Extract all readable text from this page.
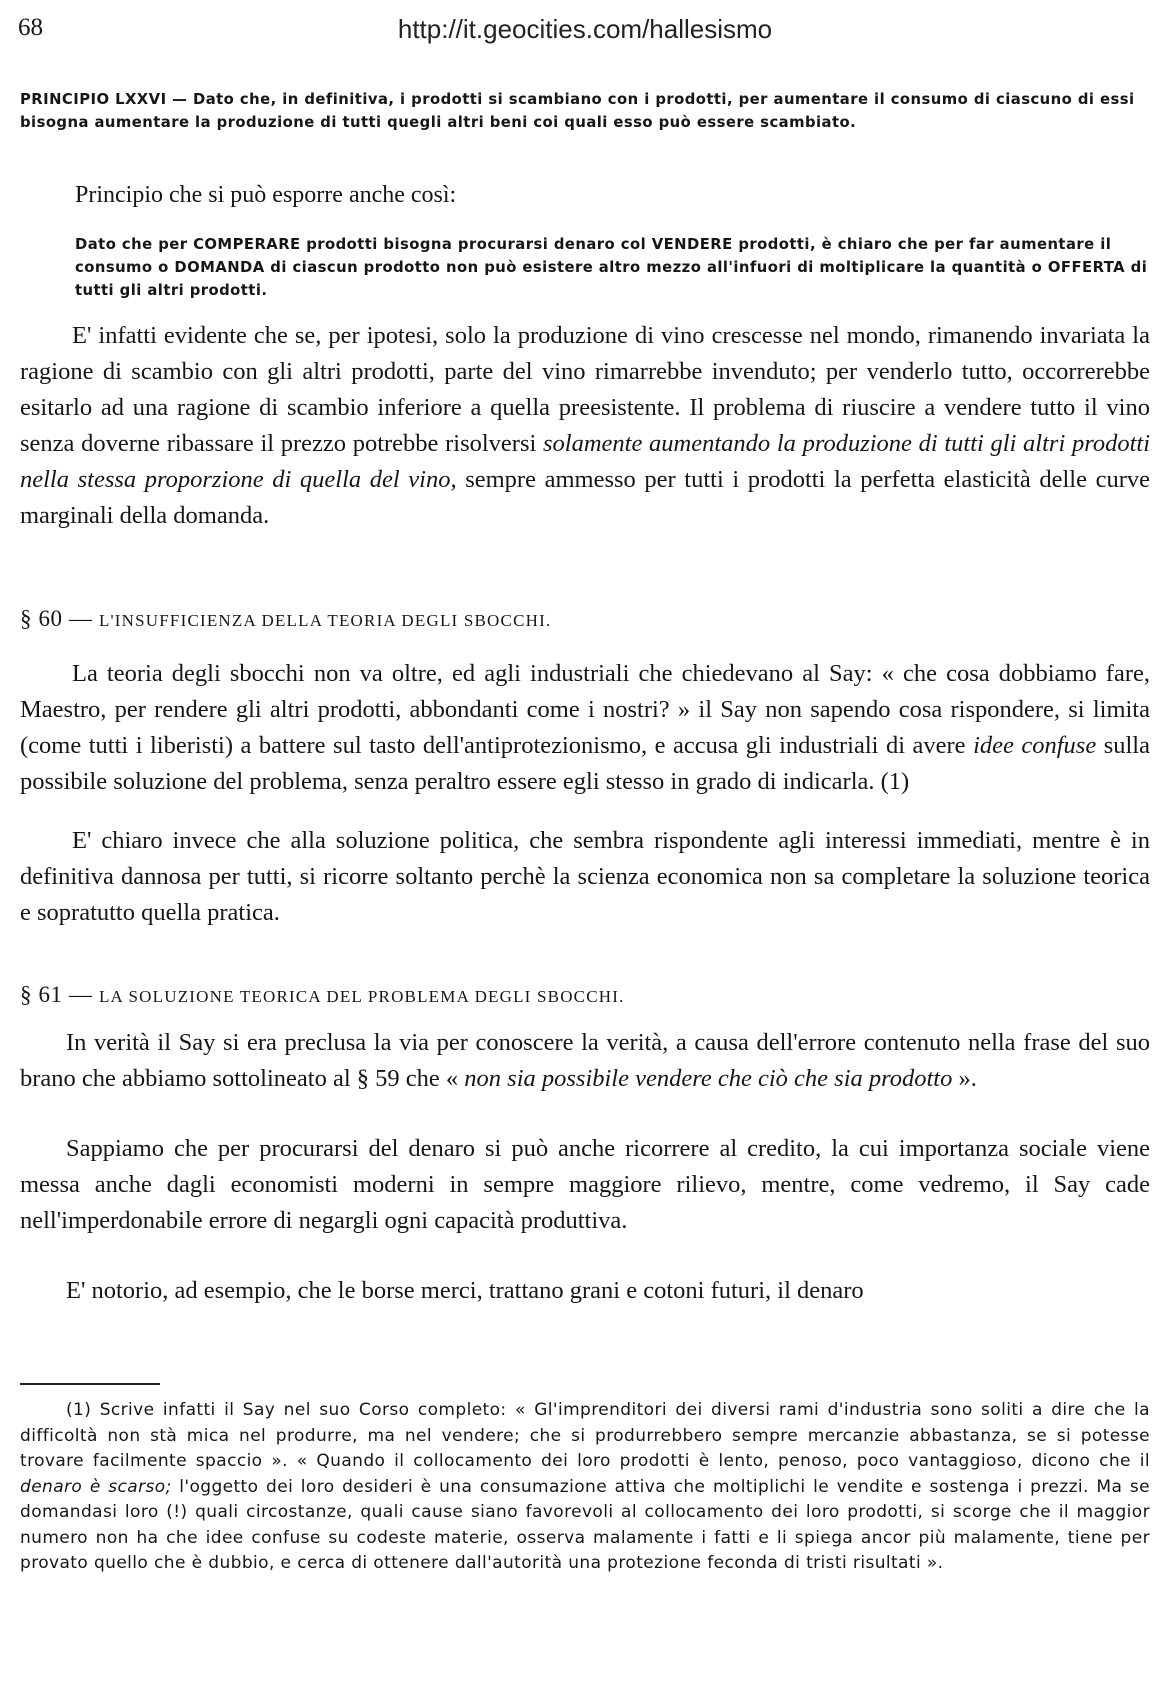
68	http://it.geocities.com/hallesismo

PRINCIPIO LXXVI — Dato che, in definitiva, i prodotti si scambiano con i prodotti, per aumentare il consumo di ciascuno di essi bisogna aumentare la produzione di tutti quegli altri beni coi quali esso può essere scambiato.

Principio che si può esporre anche così:

Dato che per COMPERARE prodotti bisogna procurarsi denaro col VENDERE prodotti, è chiaro che per far aumentare il consumo o DOMANDA di ciascun prodotto non può esistere altro mezzo all'infuori di moltiplicare la quantità o OFFERTA di tutti gli altri prodotti.

E' infatti evidente che se, per ipotesi, solo la produzione di vino crescesse nel mondo, rimanendo invariata la ragione di scambio con gli altri prodotti, parte del vino rimarrebbe invenduto; per venderlo tutto, occorrerebbe esitarlo ad una ragione di scambio inferiore a quella preesistente. Il problema di riuscire a vendere tutto il vino senza doverne ribassare il prezzo potrebbe risolversi solamente aumentando la produzione di tutti gli altri prodotti nella stessa proporzione di quella del vino, sempre ammesso per tutti i prodotti la perfetta elasticità delle curve marginali della domanda.

§ 60 — L'INSUFFICIENZA DELLA TEORIA DEGLI SBOCCHI.

La teoria degli sbocchi non va oltre, ed agli industriali che chiedevano al Say: « che cosa dobbiamo fare, Maestro, per rendere gli altri prodotti, abbondanti come i nostri? » il Say non sapendo cosa rispondere, si limita (come tutti i liberisti) a battere sul tasto dell'antiprotezionismo, e accusa gli industriali di avere idee confuse sulla possibile soluzione del problema, senza peraltro essere egli stesso in grado di indicarla. (1)

E' chiaro invece che alla soluzione politica, che sembra rispondente agli interessi immediati, mentre è in definitiva dannosa per tutti, si ricorre soltanto perchè la scienza economica non sa completare la soluzione teorica e sopratutto quella pratica.

§ 61 — LA SOLUZIONE TEORICA DEL PROBLEMA DEGLI SBOCCHI.

In verità il Say si era preclusa la via per conoscere la verità, a causa dell'errore contenuto nella frase del suo brano che abbiamo sottolineato al § 59 che « non sia possibile vendere che ciò che sia prodotto ».

Sappiamo che per procurarsi del denaro si può anche ricorrere al credito, la cui importanza sociale viene messa anche dagli economisti moderni in sempre maggiore rilievo, mentre, come vedremo, il Say cade nell'imperdonabile errore di negargli ogni capacità produttiva.

E' notorio, ad esempio, che le borse merci, trattano grani e cotoni futuri, il denaro

(1) Scrive infatti il Say nel suo Corso completo: « Gl'imprenditori dei diversi rami d'industria sono soliti a dire che la difficoltà non stà mica nel produrre, ma nel vendere; che si produrrebbero sempre mercanzie abbastanza, se si potesse trovare facilmente spaccio ». « Quando il collocamento dei loro prodotti è lento, penoso, poco vantaggioso, dicono che il denaro è scarso; l'oggetto dei loro desideri è una consumazione attiva che moltiplichi le vendite e sostenga i prezzi. Ma se domandasi loro (!) quali circostanze, quali cause siano favorevoli al collocamento dei loro prodotti, si scorge che il maggior numero non ha che idee confuse su codeste materie, osserva malamente i fatti e li spiega ancor più malamente, tiene per provato quello che è dubbio, e cerca di ottenere dall'autorità una protezione feconda di tristi risultati ».
